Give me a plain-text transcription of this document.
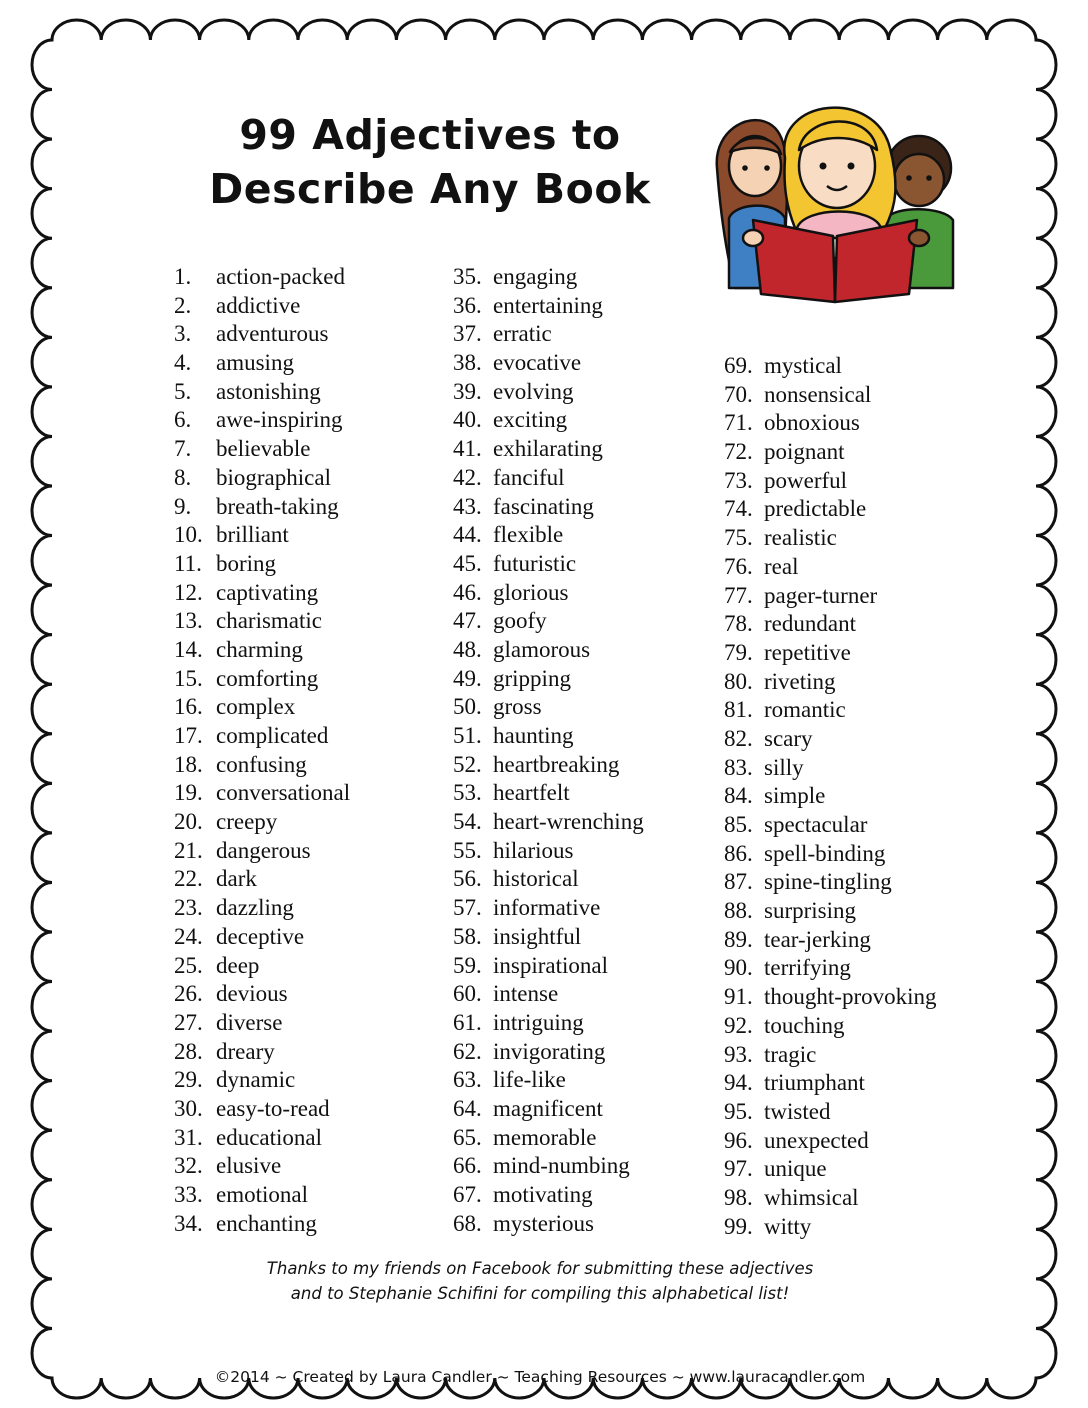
99 Adjectives to
Describe Any Book
1. action-packed
2. addictive
3. adventurous
4. amusing
5. astonishing
6. awe-inspiring
7. believable
8. biographical
9. breath-taking
10. brilliant
11. boring
12. captivating
13. charismatic
14. charming
15. comforting
16. complex
17. complicated
18. confusing
19. conversational
20. creepy
21. dangerous
22. dark
23. dazzling
24. deceptive
25. deep
26. devious
27. diverse
28. dreary
29. dynamic
30. easy-to-read
31. educational
32. elusive
33. emotional
34. enchanting
35. engaging
36. entertaining
37. erratic
38. evocative
39. evolving
40. exciting
41. exhilarating
42. fanciful
43. fascinating
44. flexible
45. futuristic
46. glorious
47. goofy
48. glamorous
49. gripping
50. gross
51. haunting
52. heartbreaking
53. heartfelt
54. heart-wrenching
55. hilarious
56. historical
57. informative
58. insightful
59. inspirational
60. intense
61. intriguing
62. invigorating
63. life-like
64. magnificent
65. memorable
66. mind-numbing
67. motivating
68. mysterious
69. mystical
70. nonsensical
71. obnoxious
72. poignant
73. powerful
74. predictable
75. realistic
76. real
77. pager-turner
78. redundant
79. repetitive
80. riveting
81. romantic
82. scary
83. silly
84. simple
85. spectacular
86. spell-binding
87. spine-tingling
88. surprising
89. tear-jerking
90. terrifying
91. thought-provoking
92. touching
93. tragic
94. triumphant
95. twisted
96. unexpected
97. unique
98. whimsical
99. witty
Thanks to my friends on Facebook for submitting these adjectives
and to Stephanie Schifini for compiling this alphabetical list!
©2014 ~ Created by Laura Candler ~ Teaching Resources ~ www.lauracandler.com
